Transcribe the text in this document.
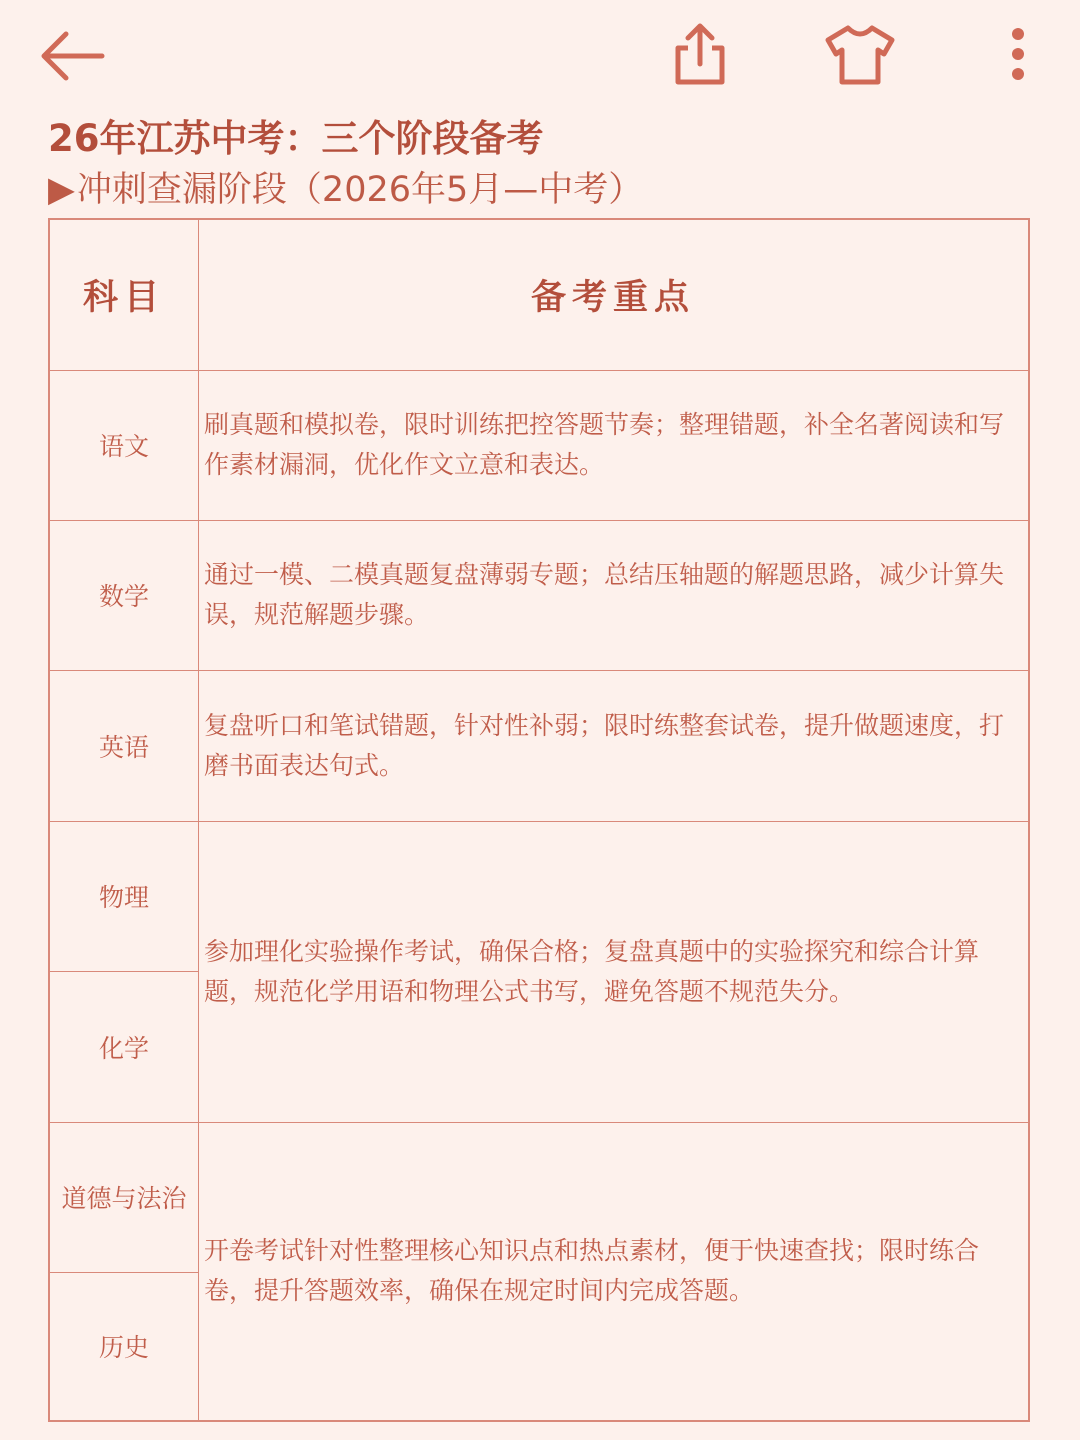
26年江苏中考：三个阶段备考

▶冲刺查漏阶段（2026年5月—中考）

科目	备考重点
语文
刷真题和模拟卷，限时训练把控答题节奏；整理错题，补全名著阅读和写作素材漏洞，优化作文立意和表达。
数学
通过一模、二模真题复盘薄弱专题；总结压轴题的解题思路，减少计算失误，规范解题步骤。
英语
复盘听口和笔试错题，针对性补弱；限时练整套试卷，提升做题速度，打磨书面表达句式。
物理
化学
参加理化实验操作考试，确保合格；复盘真题中的实验探究和综合计算题，规范化学用语和物理公式书写，避免答题不规范失分。
道德与法治
历史
开卷考试针对性整理核心知识点和热点素材，便于快速查找；限时练合卷，提升答题效率，确保在规定时间内完成答题。
